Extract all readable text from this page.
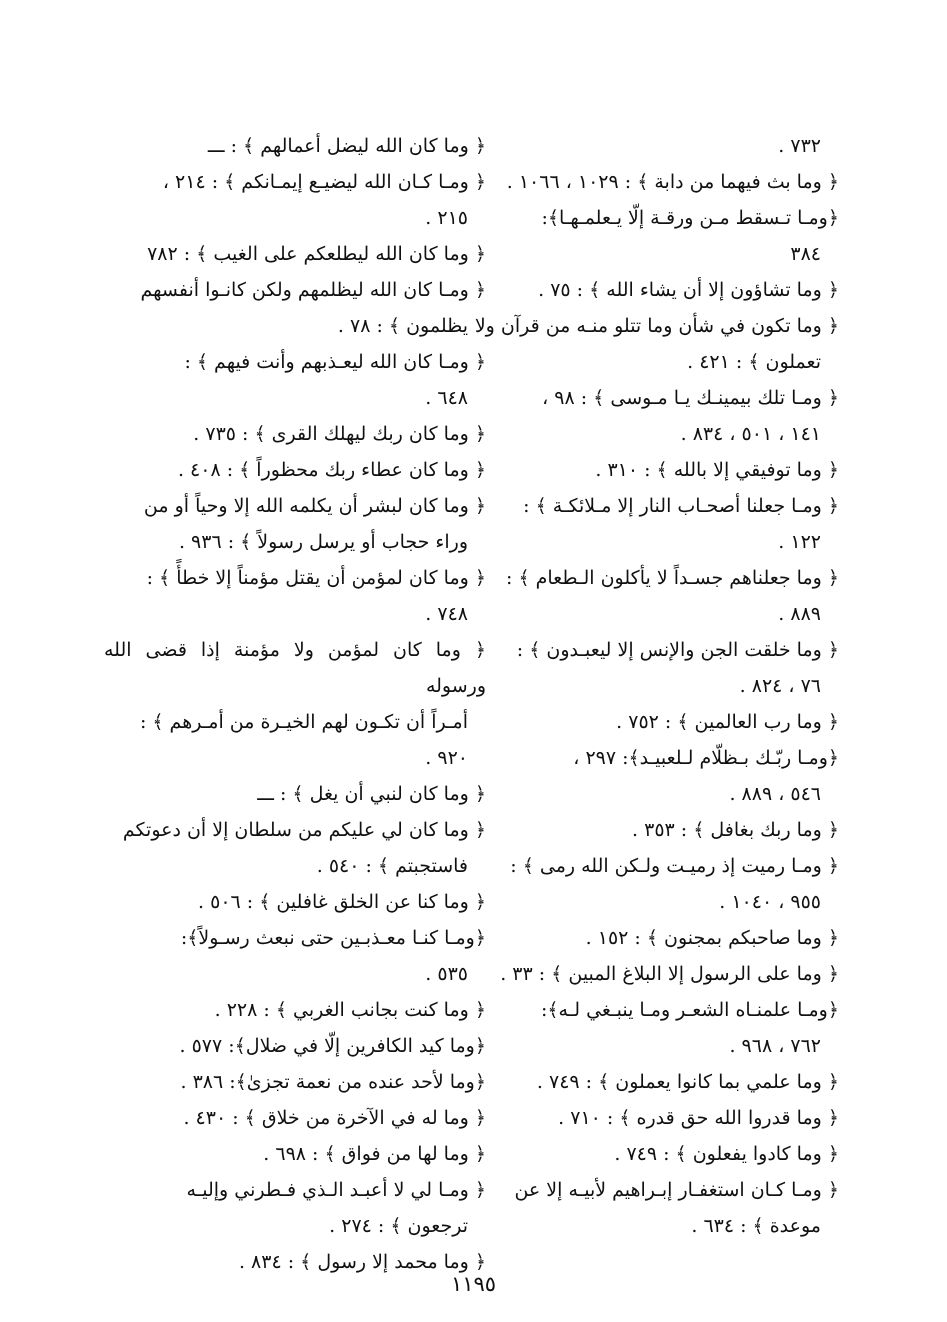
٧٣٢ .
﴿ وما بث فيهما من دابة ﴾ : ١٠٢٩ ، ١٠٦٦ .
﴿ومـا تـسقط مـن ورقـة إلّا يـعلمـهـا﴾:
٣٨٤
﴿ وما تشاؤون إلا أن يشاء الله ﴾ : ٧٥ .
﴿ وما تكون في شأن وما تتلو منـه من قرآن ولا
تعملون ﴾ : ٤٢١ .
﴿ ومـا تلك بيمينـك يـا مـوسى ﴾ : ٩٨ ،
١٤١ ، ٥٠١ ، ٨٣٤ .
﴿ وما توفيقي إلا بالله ﴾ : ٣١٠ .
﴿ ومـا جعلنا أصحـاب النار إلا مـلائكـة ﴾ :
١٢٢ .
﴿ وما جعلناهم جسـداً لا يأكلون الـطعام ﴾ :
٨٨٩ .
﴿ وما خلقت الجن والإنس إلا ليعبـدون ﴾ :
٧٦ ، ٨٢٤ .
﴿ وما رب العالمين ﴾ : ٧٥٢ .
﴿ومـا ربّـك بـظلّام لـلعبيـد﴾: ٢٩٧ ،
٥٤٦ ، ٨٨٩ .
﴿ وما ربك بغافل ﴾ : ٣٥٣ .
﴿ ومـا رميت إذ رميـت ولـكن الله رمى ﴾ :
٩٥٥ ، ١٠٤٠ .
﴿ وما صاحبكم بمجنون ﴾ : ١٥٢ .
﴿ وما على الرسول إلا البلاغ المبين ﴾ : ٣٣ .
﴿ومـا علمنـاه الشعـر ومـا ينبـغي لـه﴾:
٧٦٢ ، ٩٦٨ .
﴿ وما علمي بما كانوا يعملون ﴾ : ٧٤٩ .
﴿ وما قدروا الله حق قدره ﴾ : ٧١٠ .
﴿ وما كادوا يفعلون ﴾ : ٧٤٩ .
﴿ ومـا كـان استغفـار إبـراهيم لأبيـه إلا عن
موعدة ﴾ : ٦٣٤ .
﴿ وما كان الله ليضل أعمالهم ﴾ : ـــ
﴿ ومـا كـان الله ليضيـع إيمـانكم ﴾ : ٢١٤ ،
٢١٥ .
﴿ وما كان الله ليطلعكم على الغيب ﴾ : ٧٨٢
﴿ ومـا كان الله ليظلمهم ولكن كانـوا أنفسهم
يظلمون ﴾ : ٧٨ .
﴿ ومـا كان الله ليعـذبهم وأنت فيهم ﴾ :
٦٤٨ .
﴿ وما كان ربك ليهلك القرى ﴾ : ٧٣٥ .
﴿ وما كان عطاء ربك محظوراً ﴾ : ٤٠٨ .
﴿ وما كان لبشر أن يكلمه الله إلا وحياً أو من
وراء حجاب أو يرسل رسولاً ﴾ : ٩٣٦ .
﴿ وما كان لمؤمن أن يقتل مؤمناً إلا خطأً ﴾ :
٧٤٨ .
﴿ وما كان لمؤمن ولا مؤمنة إذا قضى الله ورسوله
أمـراً أن تكـون لهم الخيـرة من أمـرهم ﴾ :
٩٢٠ .
﴿ وما كان لنبي أن يغل ﴾ : ـــ
﴿ وما كان لي عليكم من سلطان إلا أن دعوتكم
فاستجبتم ﴾ : ٥٤٠ .
﴿ وما كنا عن الخلق غافلين ﴾ : ٥٠٦ .
﴿ومـا كنـا معـذبـين حتى نبعث رسـولاً﴾:
٥٣٥ .
﴿ وما كنت بجانب الغربي ﴾ : ٢٢٨ .
﴿وما كيد الكافرين إلّا في ضلال﴾: ٥٧٧ .
﴿وما لأحد عنده من نعمة تجزىٰ﴾: ٣٨٦ .
﴿ وما له في الآخرة من خلاق ﴾ : ٤٣٠ .
﴿ وما لها من فواق ﴾ : ٦٩٨ .
﴿ ومـا لي لا أعبـد الـذي فـطرني وإليـه
ترجعون ﴾ : ٢٧٤ .
﴿ وما محمد إلا رسول ﴾ : ٨٣٤ .
١١٩٥
